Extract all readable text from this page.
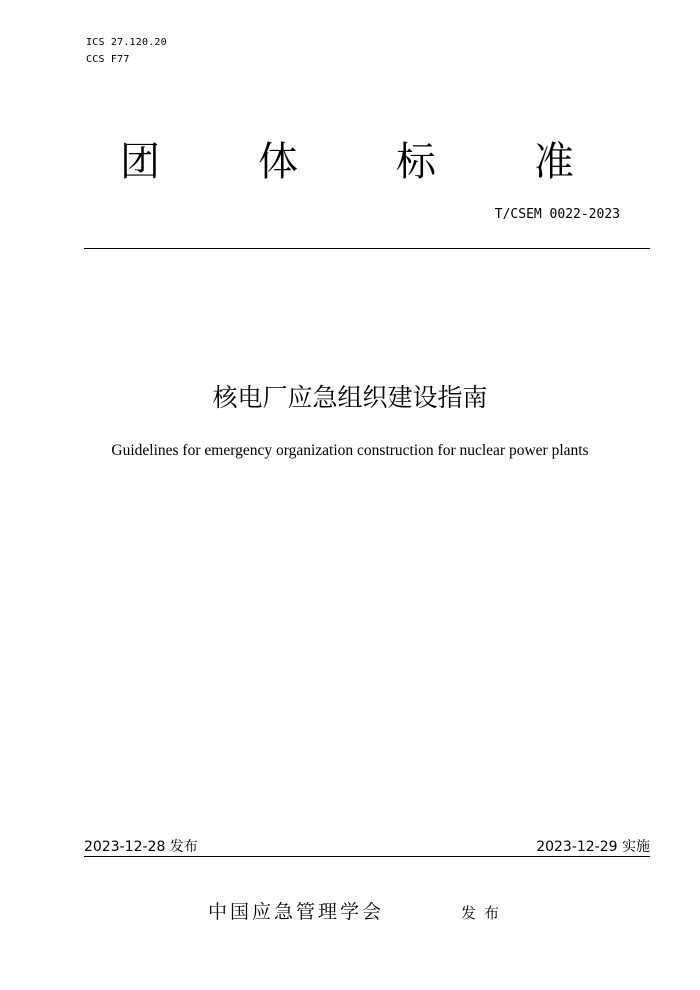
ICS 27.120.20
CCS F77
团 体 标 准
T/CSEM 0022-2023
核电厂应急组织建设指南
Guidelines for emergency organization construction for nuclear power plants
2023-12-28 发布	2023-12-29 实施
中国应急管理学会	发布
